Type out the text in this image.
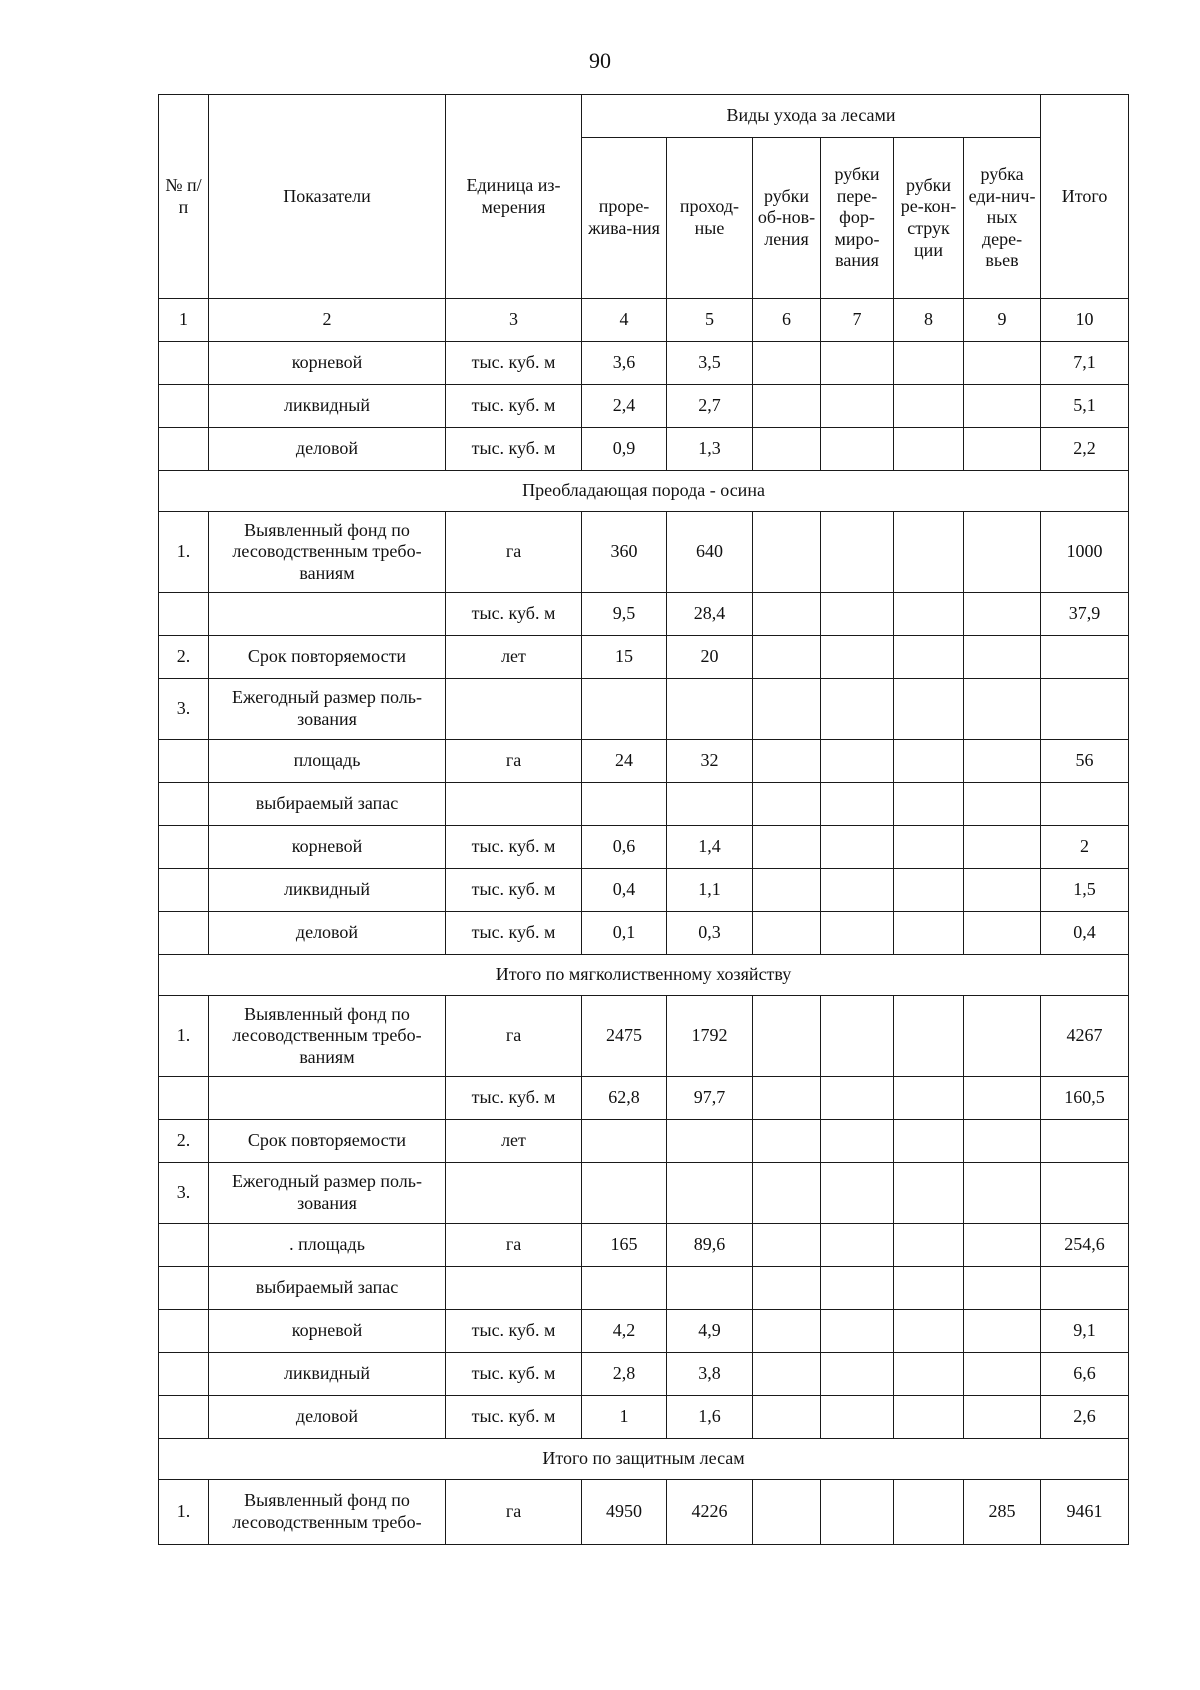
90
№ п/п	Показатели	Единица из-мерения	Виды ухода за лесами						Итого
			проре-жива-ния	проход-ные	рубки об-нов-ления	рубки пере-фор-миро-вания	рубки ре-кон-струк ции	рубка еди-нич-ных дере-вьев	
1	2	3	4	5	6	7	8	9	10
	корневой	тыс. куб. м	3,6	3,5					7,1
	ликвидный	тыс. куб. м	2,4	2,7					5,1
	деловой	тыс. куб. м	0,9	1,3					2,2
Преобладающая порода - осина									
1.	Выявленный фонд по лесоводственным требо-ваниям	га	360	640					1000
		тыс. куб. м	9,5	28,4					37,9
2.	Срок повторяемости	лет	15	20					
3.	Ежегодный размер поль-зования								
	площадь	га	24	32					56
	выбираемый запас								
	корневой	тыс. куб. м	0,6	1,4					2
	ликвидный	тыс. куб. м	0,4	1,1					1,5
	деловой	тыс. куб. м	0,1	0,3					0,4
Итого по мягколиственному хозяйству									
1.	Выявленный фонд по лесоводственным требо-ваниям	га	2475	1792					4267
		тыс. куб. м	62,8	97,7					160,5
2.	Срок повторяемости	лет							
3.	Ежегодный размер поль-зования								
	. площадь	га	165	89,6					254,6
	выбираемый запас								
	корневой	тыс. куб. м	4,2	4,9					9,1
	ликвидный	тыс. куб. м	2,8	3,8					6,6
	деловой	тыс. куб. м	1	1,6					2,6
Итого по защитным лесам									
1.	Выявленный фонд по лесоводственным требо-	га	4950	4226				285	9461
